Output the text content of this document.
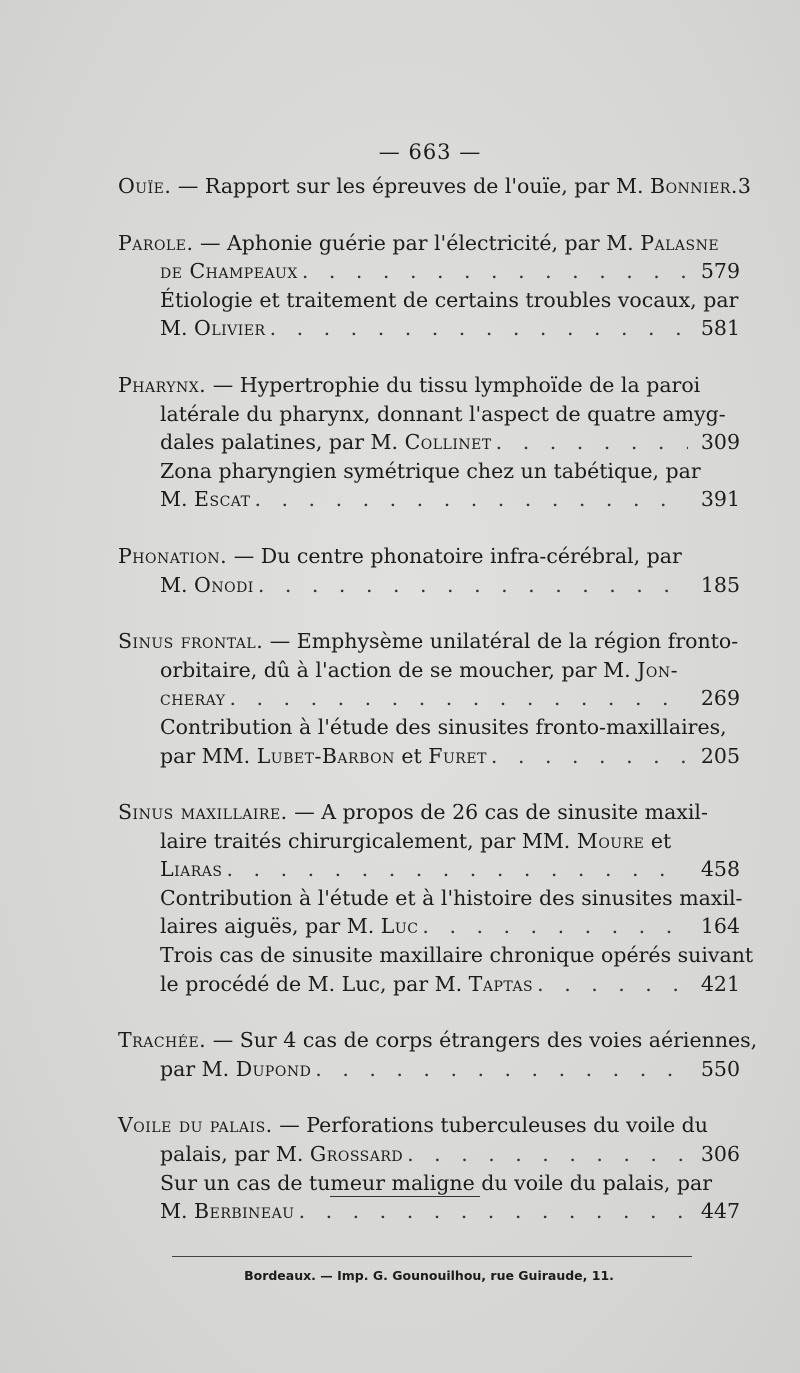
— 663 —
Ouïe. — Rapport sur les épreuves de l'ouïe, par M. Bonnier. 3
Parole. — Aphonie guérie par l'électricité, par M. Palasne
de Champeaux . . .	579
Étiologie et traitement de certains troubles vocaux, par
M. Olivier . . .	581
Pharynx. — Hypertrophie du tissu lymphoïde de la paroi
latérale du pharynx, donnant l'aspect de quatre amyg-
dales palatines, par M. Collinet . . .	309
Zona pharyngien symétrique chez un tabétique, par
M. Escat . . .	391
Phonation. — Du centre phonatoire infra-cérébral, par
M. Onodi . . .	185
Sinus frontal. — Emphysème unilatéral de la région fronto-
orbitaire, dû à l'action de se moucher, par M. Jon-
cheray . . .	269
Contribution à l'étude des sinusites fronto-maxillaires,
par MM. Lubet-Barbon et Furet . . .	205
Sinus maxillaire. — A propos de 26 cas de sinusite maxil-
laire traités chirurgicalement, par MM. Moure et
Liaras . . .	458
Contribution à l'étude et à l'histoire des sinusites maxil-
laires aiguës, par M. Luc . . .	164
Trois cas de sinusite maxillaire chronique opérés suivant
le procédé de M. Luc, par M. Taptas . . .	421
Trachée. — Sur 4 cas de corps étrangers des voies aériennes,
par M. Dupond . . .	550
Voile du palais. — Perforations tuberculeuses du voile du
palais, par M. Grossard . . .	306
Sur un cas de tumeur maligne du voile du palais, par
M. Berbineau . . .	447
Bordeaux. — Imp. G. Gounouilhou, rue Guiraude, 11.
